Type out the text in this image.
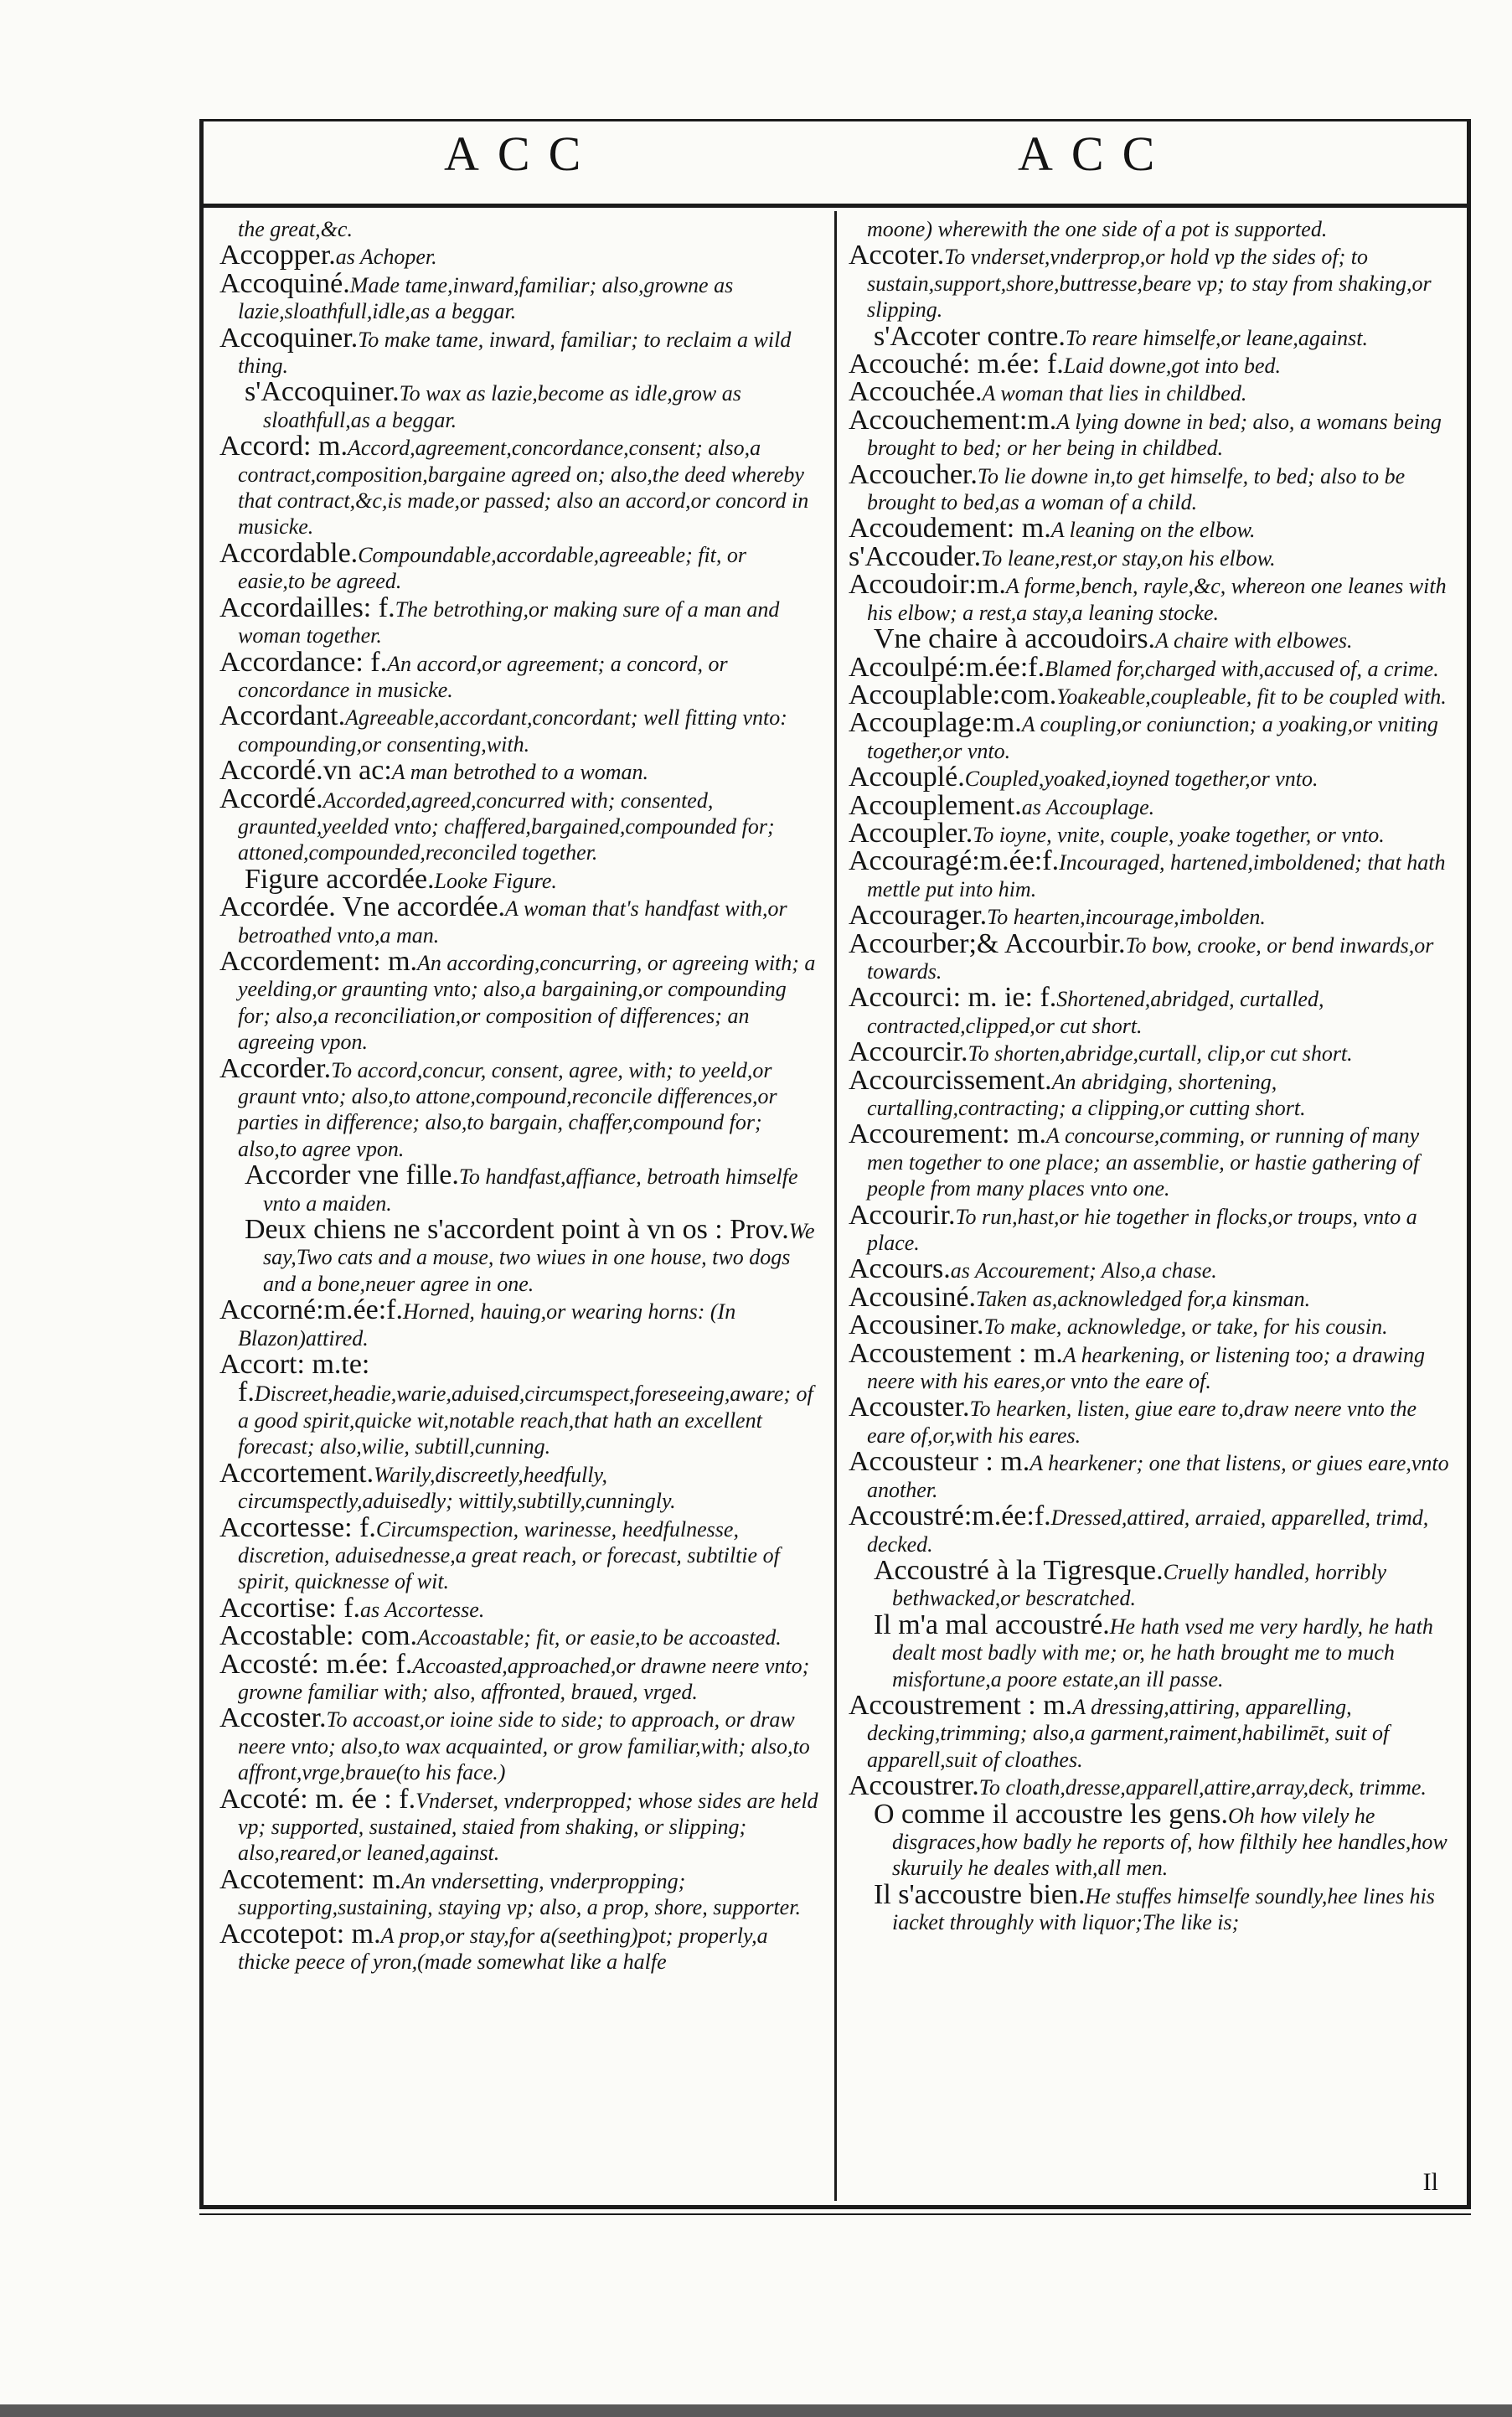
ACC	ACC

the great,&c.

Accopper.as Achoper.

Accoquiné.Made tame,inward,familiar; also,growne as lazie,sloathfull,idle,as a beggar.

Accoquiner.To make tame, inward, familiar; to reclaim a wild thing.

s'Accoquiner.To wax as lazie,become as idle,grow as sloathfull,as a beggar.

Accord: m.Accord,agreement,concordance,consent; also,a contract,composition,bargaine agreed on; also,the deed whereby that contract,&c,is made,or passed; also an accord,or concord in musicke.

Accordable.Compoundable,accordable,agreeable; fit, or easie,to be agreed.

Accordailles: f.The betrothing,or making sure of a man and woman together.

Accordance: f.An accord,or agreement; a concord, or concordance in musicke.

Accordant.Agreeable,accordant,concordant; well fitting vnto: compounding,or consenting,with.

Accordé.vn ac:A man betrothed to a woman.

Accordé.Accorded,agreed,concurred with; consented, graunted,yeelded vnto; chaffered,bargained,compounded for; attoned,compounded,reconciled together.

Figure accordée.Looke Figure.

Accordée. Vne accordée.A woman that's handfast with,or betroathed vnto,a man.

Accordement: m.An according,concurring, or agreeing with; a yeelding,or graunting vnto; also,a bargaining,or compounding for; also,a reconciliation,or composition of differences; an agreeing vpon.

Accorder.To accord,concur, consent, agree, with; to yeeld,or graunt vnto; also,to attone,compound,reconcile differences,or parties in difference; also,to bargain, chaffer,compound for; also,to agree vpon.

Accorder vne fille.To handfast,affiance, betroath himselfe vnto a maiden.

Deux chiens ne s'accordent point à vn os : Prov.We say,Two cats and a mouse, two wiues in one house, two dogs and a bone,neuer agree in one.

Accorné:m.ée:f.Horned, hauing,or wearing horns: (In Blazon)attired.

Accort: m.te: f.Discreet,headie,warie,aduised,circumspect,foreseeing,aware; of a good spirit,quicke wit,notable reach,that hath an excellent forecast; also,wilie, subtill,cunning.

Accortement.Warily,discreetly,heedfully, circumspectly,aduisedly; wittily,subtilly,cunningly.

Accortesse: f.Circumspection, warinesse, heedfulnesse, discretion, aduisednesse,a great reach, or forecast, subtiltie of spirit, quicknesse of wit.

Accortise: f.as Accortesse.

Accostable: com.Accoastable; fit, or easie,to be accoasted.

Accosté: m.ée: f.Accoasted,approached,or drawne neere vnto; growne familiar with; also, affronted, braued, vrged.

Accoster.To accoast,or ioine side to side; to approach, or draw neere vnto; also,to wax acquainted, or grow familiar,with; also,to affront,vrge,braue(to his face.)

Accoté: m. ée : f.Vnderset, vnderpropped; whose sides are held vp; supported, sustained, staied from shaking, or slipping; also,reared,or leaned,against.

Accotement: m.An vndersetting, vnderpropping; supporting,sustaining, staying vp; also, a prop, shore, supporter.

Accotepot: m.A prop,or stay,for a(seething)pot; properly,a thicke peece of yron,(made somewhat like a halfe

moone) wherewith the one side of a pot is supported.

Accoter.To vnderset,vnderprop,or hold vp the sides of; to sustain,support,shore,buttresse,beare vp; to stay from shaking,or slipping.

s'Accoter contre.To reare himselfe,or leane,against.

Accouché: m.ée: f.Laid downe,got into bed.

Accouchée.A woman that lies in childbed.

Accouchement:m.A lying downe in bed; also, a womans being brought to bed; or her being in childbed.

Accoucher.To lie downe in,to get himselfe, to bed; also to be brought to bed,as a woman of a child.

Accoudement: m.A leaning on the elbow.

s'Accouder.To leane,rest,or stay,on his elbow.

Accoudoir:m.A forme,bench, rayle,&c, whereon one leanes with his elbow; a rest,a stay,a leaning stocke.

Vne chaire à accoudoirs.A chaire with elbowes.

Accoulpé:m.ée:f.Blamed for,charged with,accused of, a crime.

Accouplable:com.Yoakeable,coupleable, fit to be coupled with.

Accouplage:m.A coupling,or coniunction; a yoaking,or vniting together,or vnto.

Accouplé.Coupled,yoaked,ioyned together,or vnto.

Accouplement.as Accouplage.

Accoupler.To ioyne, vnite, couple, yoake together, or vnto.

Accouragé:m.ée:f.Incouraged, hartened,imboldened; that hath mettle put into him.

Accourager.To hearten,incourage,imbolden.

Accourber;& Accourbir.To bow, crooke, or bend inwards,or towards.

Accourci: m. ie: f.Shortened,abridged, curtalled, contracted,clipped,or cut short.

Accourcir.To shorten,abridge,curtall, clip,or cut short.

Accourcissement.An abridging, shortening, curtalling,contracting; a clipping,or cutting short.

Accourement: m.A concourse,comming, or running of many men together to one place; an assemblie, or hastie gathering of people from many places vnto one.

Accourir.To run,hast,or hie together in flocks,or troups, vnto a place.

Accours.as Accourement; Also,a chase.

Accousiné.Taken as,acknowledged for,a kinsman.

Accousiner.To make, acknowledge, or take, for his cousin.

Accoustement : m.A hearkening, or listening too; a drawing neere with his eares,or vnto the eare of.

Accouster.To hearken, listen, giue eare to,draw neere vnto the eare of,or,with his eares.

Accousteur : m.A hearkener; one that listens, or giues eare,vnto another.

Accoustré:m.ée:f.Dressed,attired, arraied, apparelled, trimd, decked.

Accoustré à la Tigresque.Cruelly handled, horribly bethwacked,or bescratched.

Il m'a mal accoustré.He hath vsed me very hardly, he hath dealt most badly with me; or, he hath brought me to much misfortune,a poore estate,an ill passe.

Accoustrement : m.A dressing,attiring, apparelling, decking,trimming; also,a garment,raiment,habilimēt, suit of apparell,suit of cloathes.

Accoustrer.To cloath,dresse,apparell,attire,array,deck, trimme.

O comme il accoustre les gens.Oh how vilely he disgraces,how badly he reports of, how filthily hee handles,how skuruily he deales with,all men.

Il s'accoustre bien.He stuffes himselfe soundly,hee lines his iacket throughly with liquor;The like is;

Il
